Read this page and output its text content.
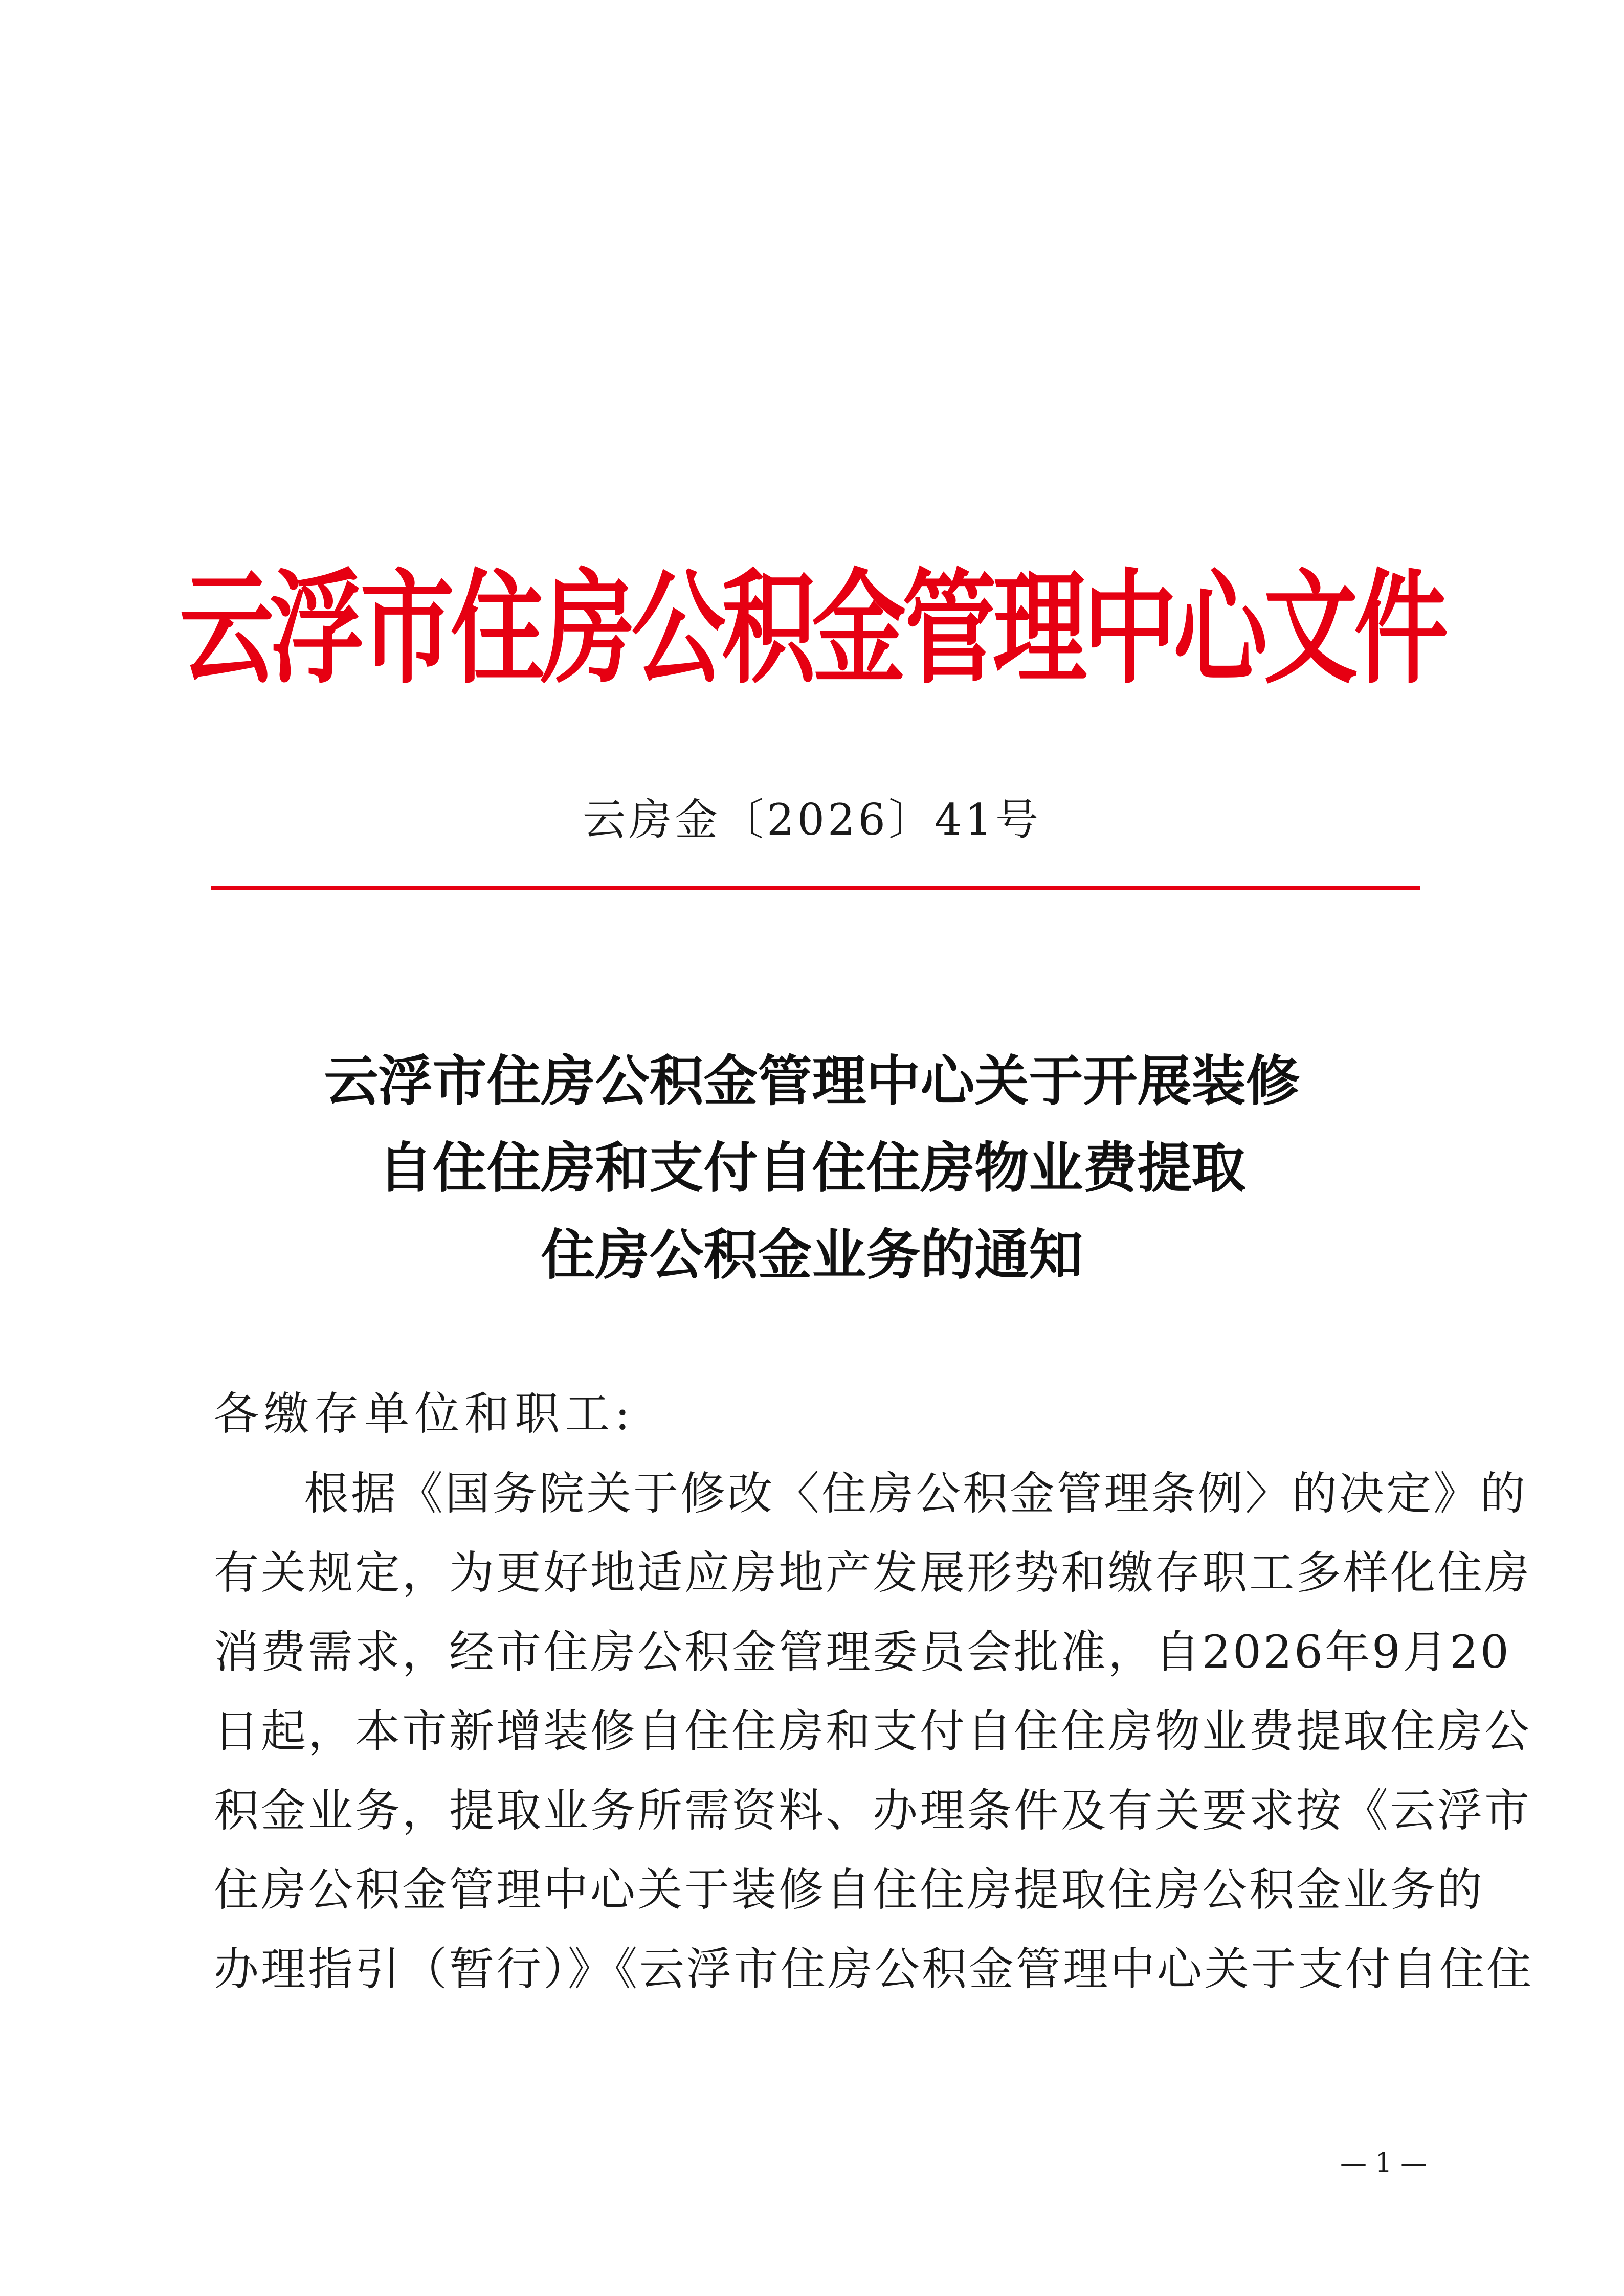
云浮市住房公积金管理中心文件
云房金〔2026〕41号
云浮市住房公积金管理中心关于开展装修
自住住房和支付自住住房物业费提取
住房公积金业务的通知
各缴存单位和职工:
根据《国务院关于修改〈住房公积金管理条例〉的决定》的
有关规定，为更好地适应房地产发展形势和缴存职工多样化住房
消费需求，经市住房公积金管理委员会批准，自2026年9月20
日起，本市新增装修自住住房和支付自住住房物业费提取住房公
积金业务，提取业务所需资料、办理条件及有关要求按《云浮市
住房公积金管理中心关于装修自住住房提取住房公积金业务的
办理指引（暂行）》《云浮市住房公积金管理中心关于支付自住住
— 1 —
